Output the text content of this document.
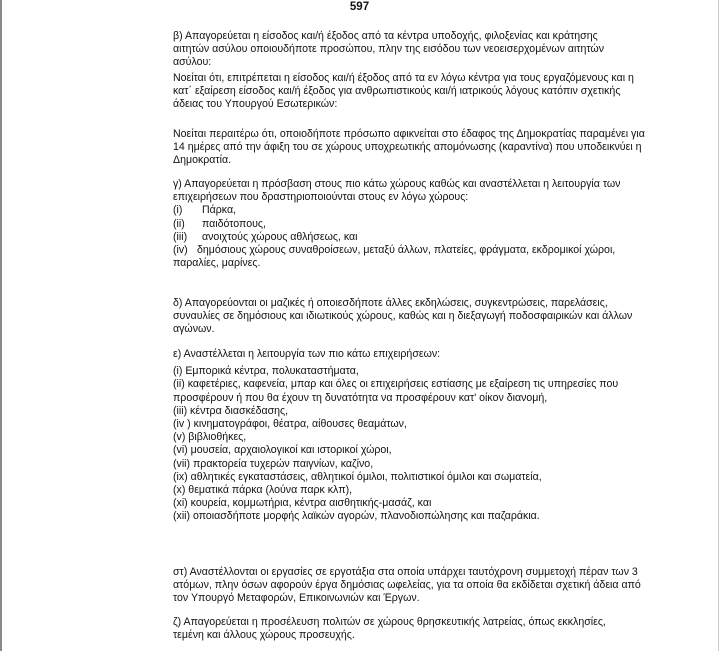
597

β) Απαγορεύεται η είσοδος και/ή έξοδος από τα κέντρα υποδοχής, φιλοξενίας και κράτησης

αιτητών ασύλου οποιουδήποτε προσώπου, πλην της εισόδου των νεοεισερχομένων αιτητών

ασύλου:

Νοείται ότι, επιτρέπεται η είσοδος και/ή έξοδος από τα εν λόγω κέντρα για τους εργαζόμενους και η

κατ΄ εξαίρεση είσοδος και/ή έξοδος για ανθρωπιστικούς και/ή ιατρικούς λόγους κατόπιν σχετικής

άδειας του Υπουργού Εσωτερικών:

Νοείται περαιτέρω ότι, οποιοδήποτε πρόσωπο αφικνείται στο έδαφος της Δημοκρατίας παραμένει για

14 ημέρες από την άφιξη του σε χώρους υποχρεωτικής απομόνωσης (καραντίνα) που υποδεικνύει η

Δημοκρατία.

γ) Απαγορεύεται η πρόσβαση στους πιο κάτω χώρους καθώς και αναστέλλεται η λειτουργία των

επιχειρήσεων που δραστηριοποιούνται στους εν λόγω χώρους:

(i) Πάρκα,

(ii) παιδότοπους,

(iii) ανοιχτούς χώρους αθλήσεως, και

(iv) δημόσιους χώρους συναθροίσεων, μεταξύ άλλων, πλατείες, φράγματα, εκδρομικοί χώροι,

παραλίες, μαρίνες.

δ) Απαγορεύονται οι μαζικές ή οποιεσδήποτε άλλες εκδηλώσεις, συγκεντρώσεις, παρελάσεις,

συναυλίες σε δημόσιους και ιδιωτικούς χώρους, καθώς και η διεξαγωγή ποδοσφαιρικών και άλλων

αγώνων.

ε) Αναστέλλεται η λειτουργία των πιο κάτω επιχειρήσεων:

(i) Εμπορικά κέντρα, πολυκαταστήματα,

(ii) καφετέριες, καφενεία, μπαρ και όλες οι επιχειρήσεις εστίασης με εξαίρεση τις υπηρεσίες που

προσφέρουν ή που θα έχουν τη δυνατότητα να προσφέρουν κατ' οίκον διανομή,

(iii) κέντρα διασκέδασης,

(iv ) κινηματογράφοι, θέατρα, αίθουσες θεαμάτων,

(v) βιβλιοθήκες,

(vi) μουσεία, αρχαιολογικοί και ιστορικοί χώροι,

(vii) πρακτορεία τυχερών παιγνίων, καζίνο,

(ix) αθλητικές εγκαταστάσεις, αθλητικοί όμιλοι, πολιτιστικοί όμιλοι και σωματεία,

(x) θεματικά πάρκα (λούνα παρκ κλπ),

(xi) κουρεία, κομμωτήρια, κέντρα αισθητικής-μασάζ, και

(xii) οποιασδήποτε μορφής λαϊκών αγορών, πλανοδιοπώλησης και παζαράκια.

στ) Αναστέλλονται οι εργασίες σε εργοτάξια στα οποία υπάρχει ταυτόχρονη συμμετοχή πέραν των 3

ατόμων, πλην όσων αφορούν έργα δημόσιας ωφελείας, για τα οποία θα εκδίδεται σχετική άδεια από

τον Υπουργό Μεταφορών, Επικοινωνιών και Έργων.

ζ) Απαγορεύεται η προσέλευση πολιτών σε χώρους θρησκευτικής λατρείας, όπως εκκλησίες,

τεμένη και άλλους χώρους προσευχής.
